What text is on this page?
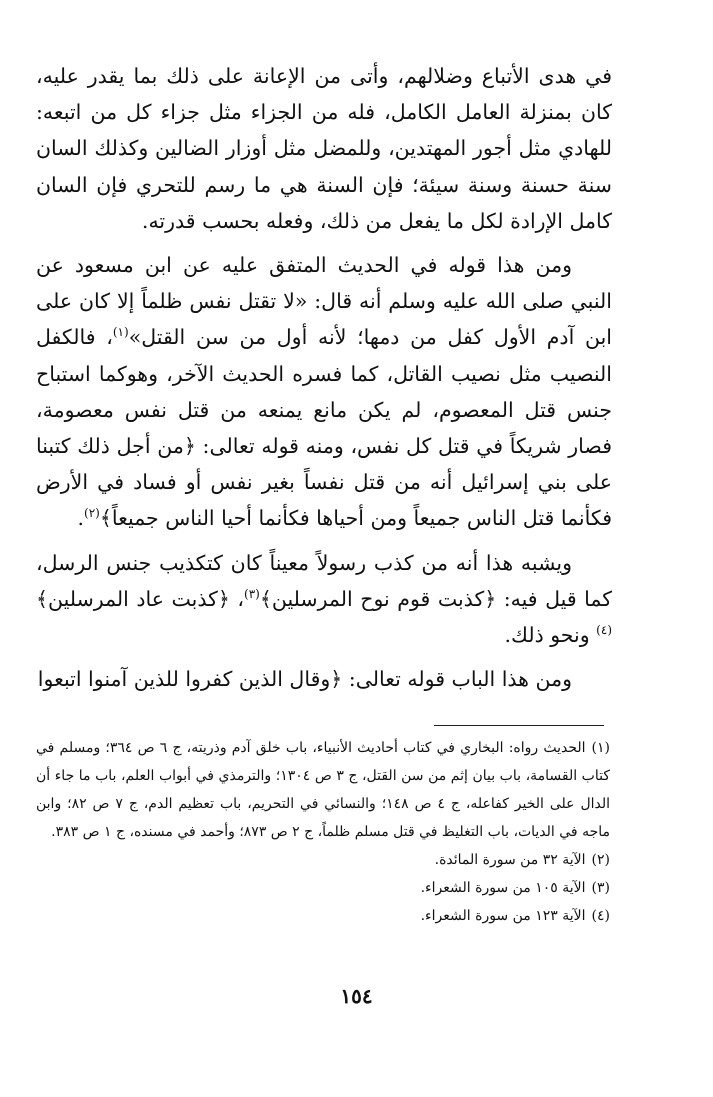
في هدى الأتباع وضلالهم، وأتى من الإعانة على ذلك بما يقدر عليه، كان بمنزلة العامل الكامل، فله من الجزاء مثل جزاء كل من اتبعه: للهادي مثل أجور المهتدين، وللمضل مثل أوزار الضالين وكذلك السان سنة حسنة وسنة سيئة؛ فإن السنة هي ما رسم للتحري فإن السان كامل الإرادة لكل ما يفعل من ذلك، وفعله بحسب قدرته.

ومن هذا قوله في الحديث المتفق عليه عن ابن مسعود عن النبي صلى الله عليه وسلم أنه قال: «لا تقتل نفس ظلماً إلا كان على ابن آدم الأول كفل من دمها؛ لأنه أول من سن القتل»$^{(١)}$، فالكفل النصيب مثل نصيب القاتل، كما فسره الحديث الآخر، وهوكما استباح جنس قتل المعصوم، لم يكن مانع يمنعه من قتل نفس معصومة، فصار شريكاً في قتل كل نفس، ومنه قوله تعالى: ﴿من أجل ذلك كتبنا على بني إسرائيل أنه من قتل نفساً بغير نفس أو فساد في الأرض فكأنما قتل الناس جميعاً ومن أحياها فكأنما أحيا الناس جميعاً﴾$^{(٢)}$.

ويشبه هذا أنه من كذب رسولاً معيناً كان كتكذيب جنس الرسل، كما قيل فيه: ﴿كذبت قوم نوح المرسلين﴾$^{(٣)}$، ﴿كذبت عاد المرسلين﴾$^{(٤)}$ ونحو ذلك.

ومن هذا الباب قوله تعالى: ﴿وقال الذين كفروا للذين آمنوا اتبعوا

(١)الحديث رواه: البخاري في كتاب أحاديث الأنبياء، باب خلق آدم وذريته، ج ٦ ص ٣٦٤؛ ومسلم في كتاب القسامة، باب بيان إثم من سن القتل، ج ٣ ص ١٣٠٤؛ والترمذي في أبواب العلم، باب ما جاء أن الدال على الخير كفاعله، ج ٤ ص ١٤٨؛ والنسائي في التحريم، باب تعظيم الدم، ج ٧ ص ٨٢؛ وابن ماجه في الديات، باب التغليظ في قتل مسلم ظلماً، ج ٢ ص ٨٧٣؛ وأحمد في مسنده، ج ١ ص ٣٨٣.

(٢)الآية ٣٢ من سورة المائدة.

(٣)الآية ١٠٥ من سورة الشعراء.

(٤)الآية ١٢٣ من سورة الشعراء.

١٥٤
